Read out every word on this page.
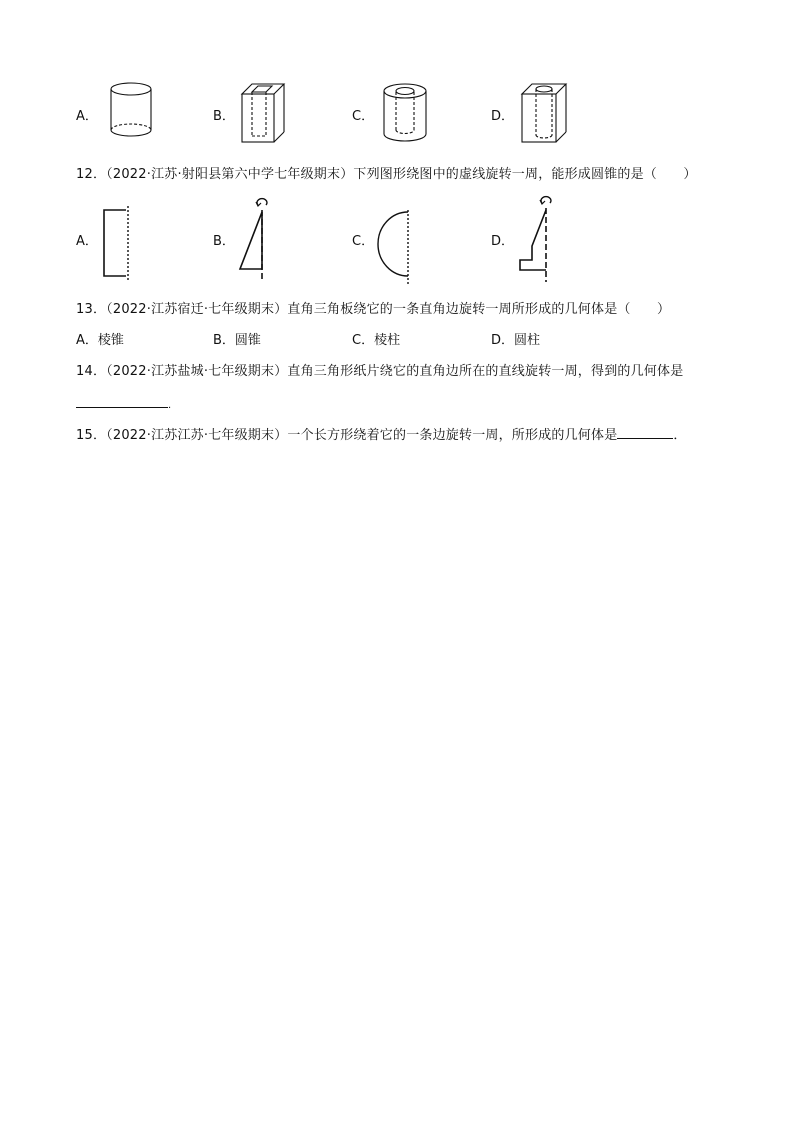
A．	B．	C．	D．
12．（2022·江苏·射阳县第六中学七年级期末）下列图形绕图中的虚线旋转一周，能形成圆锥的是（　　）
A．	B．	C．	D．
13．（2022·江苏宿迁·七年级期末）直角三角板绕它的一条直角边旋转一周所形成的几何体是（　　）
A．棱锥	B．圆锥	C．棱柱	D．圆柱
14．（2022·江苏盐城·七年级期末）直角三角形纸片绕它的直角边所在的直线旋转一周，得到的几何体是
.
15．（2022·江苏江苏·七年级期末）一个长方形绕着它的一条边旋转一周，所形成的几何体是	．
